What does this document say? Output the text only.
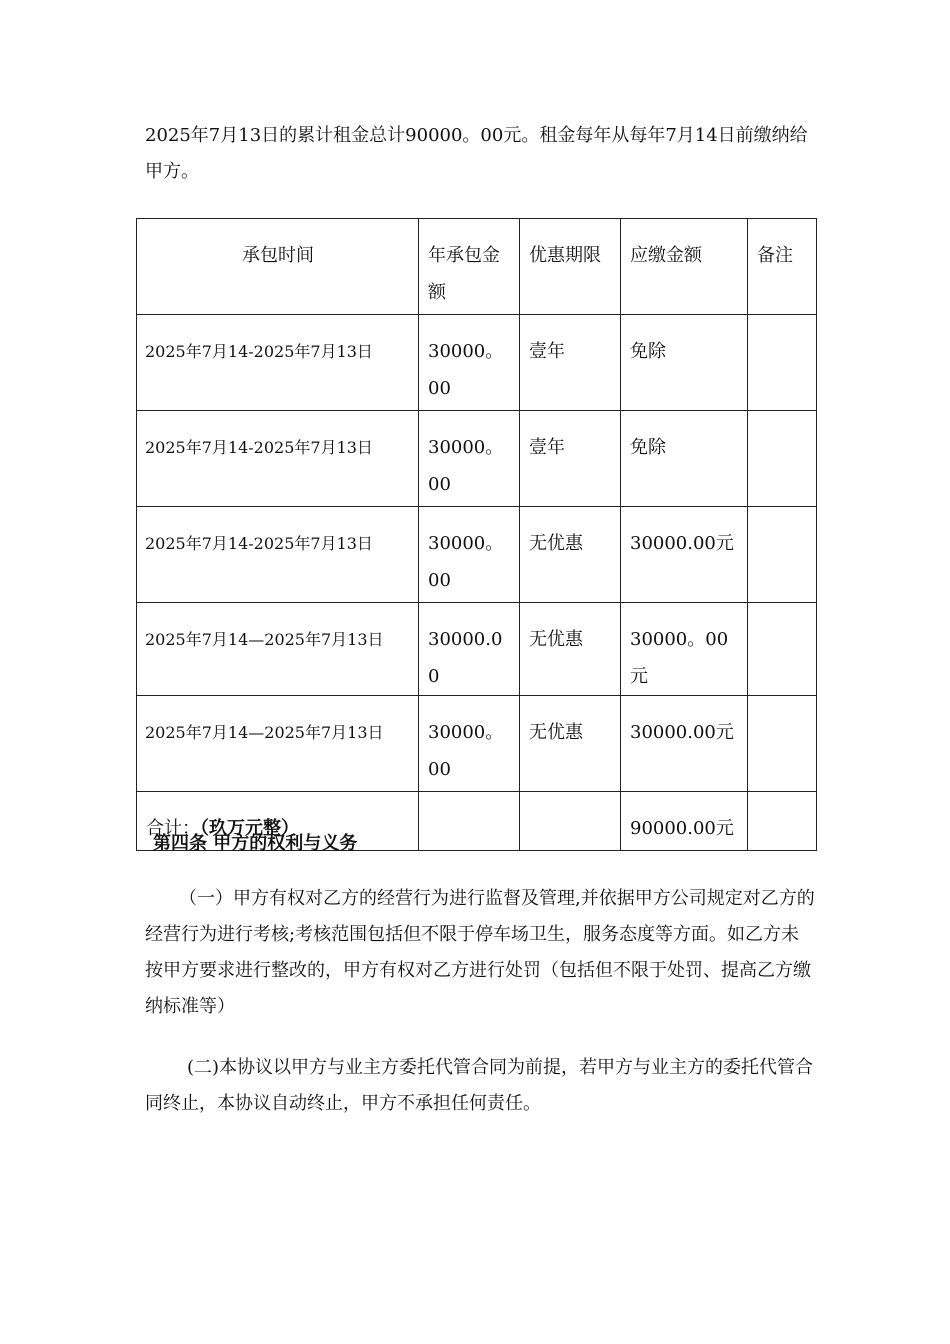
2025年7月13日的累计租金总计90000。00元。租金每年从每年7月14日前缴纳给甲方。

承包时间	年承包金额	优惠期限	应缴金额	备注
2025年7月14-2025年7月13日	30000。00	壹年	免除	
2025年7月14-2025年7月13日	30000。00	壹年	免除	
2025年7月14-2025年7月13日	30000。00	无优惠	30000.00元	
2025年7月14—2025年7月13日	30000.00	无优惠	30000。00元	
2025年7月14—2025年7月13日	30000。00	无优惠	30000.00元	
合计：（玖万元整）			90000.00元	

第四条 甲方的权利与义务

（一）甲方有权对乙方的经营行为进行监督及管理,并依据甲方公司规定对乙方的经营行为进行考核;考核范围包括但不限于停车场卫生，服务态度等方面。如乙方未按甲方要求进行整改的，甲方有权对乙方进行处罚（包括但不限于处罚、提高乙方缴纳标准等）

(二)本协议以甲方与业主方委托代管合同为前提，若甲方与业主方的委托代管合同终止，本协议自动终止，甲方不承担任何责任。
